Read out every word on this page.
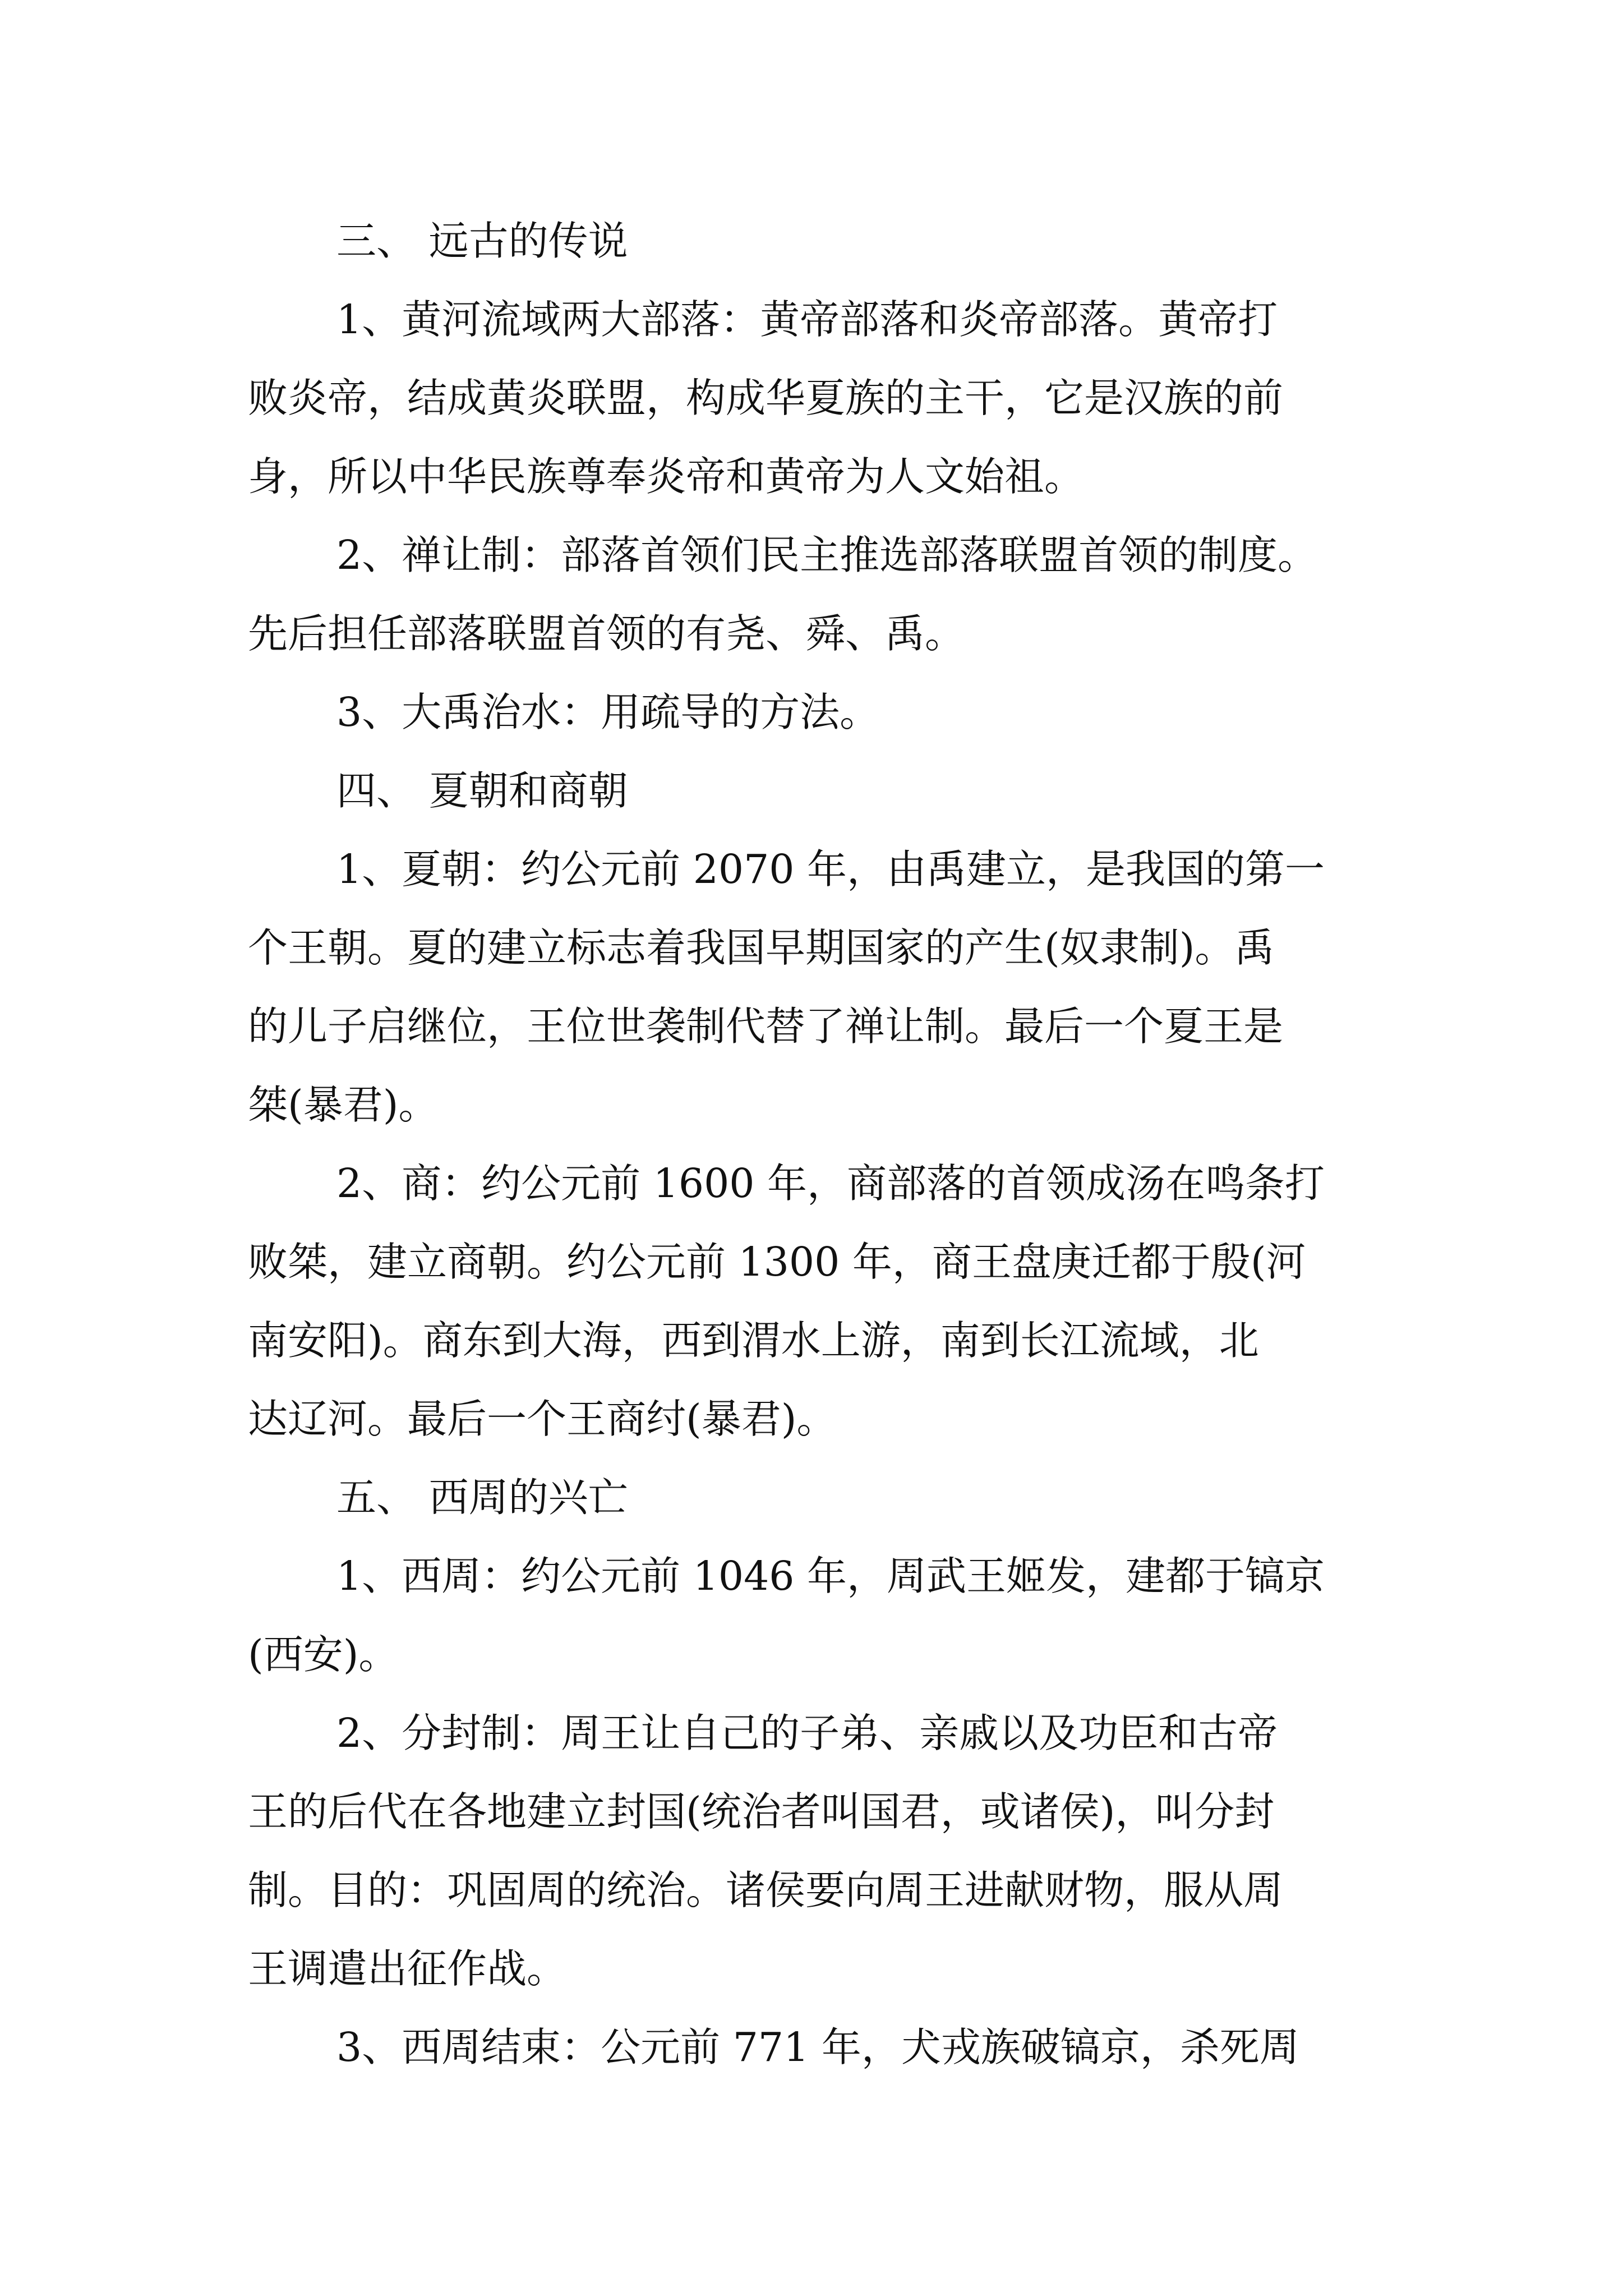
三、 远古的传说
1、黄河流域两大部落：黄帝部落和炎帝部落。黄帝打
败炎帝，结成黄炎联盟，构成华夏族的主干，它是汉族的前
身，所以中华民族尊奉炎帝和黄帝为人文始祖。
2、禅让制：部落首领们民主推选部落联盟首领的制度。
先后担任部落联盟首领的有尧、舜、禹。
3、大禹治水：用疏导的方法。
四、 夏朝和商朝
1、夏朝：约公元前 2070 年，由禹建立，是我国的第一
个王朝。夏的建立标志着我国早期国家的产生(奴隶制)。禹
的儿子启继位，王位世袭制代替了禅让制。最后一个夏王是
桀(暴君)。
2、商：约公元前 1600 年，商部落的首领成汤在鸣条打
败桀，建立商朝。约公元前 1300 年，商王盘庚迁都于殷(河
南安阳)。商东到大海，西到渭水上游，南到长江流域，北
达辽河。最后一个王商纣(暴君)。
五、 西周的兴亡
1、西周：约公元前 1046 年，周武王姬发，建都于镐京
(西安)。
2、分封制：周王让自己的子弟、亲戚以及功臣和古帝
王的后代在各地建立封国(统治者叫国君，或诸侯)，叫分封
制。目的：巩固周的统治。诸侯要向周王进献财物，服从周
王调遣出征作战。
3、西周结束：公元前 771 年，犬戎族破镐京，杀死周
